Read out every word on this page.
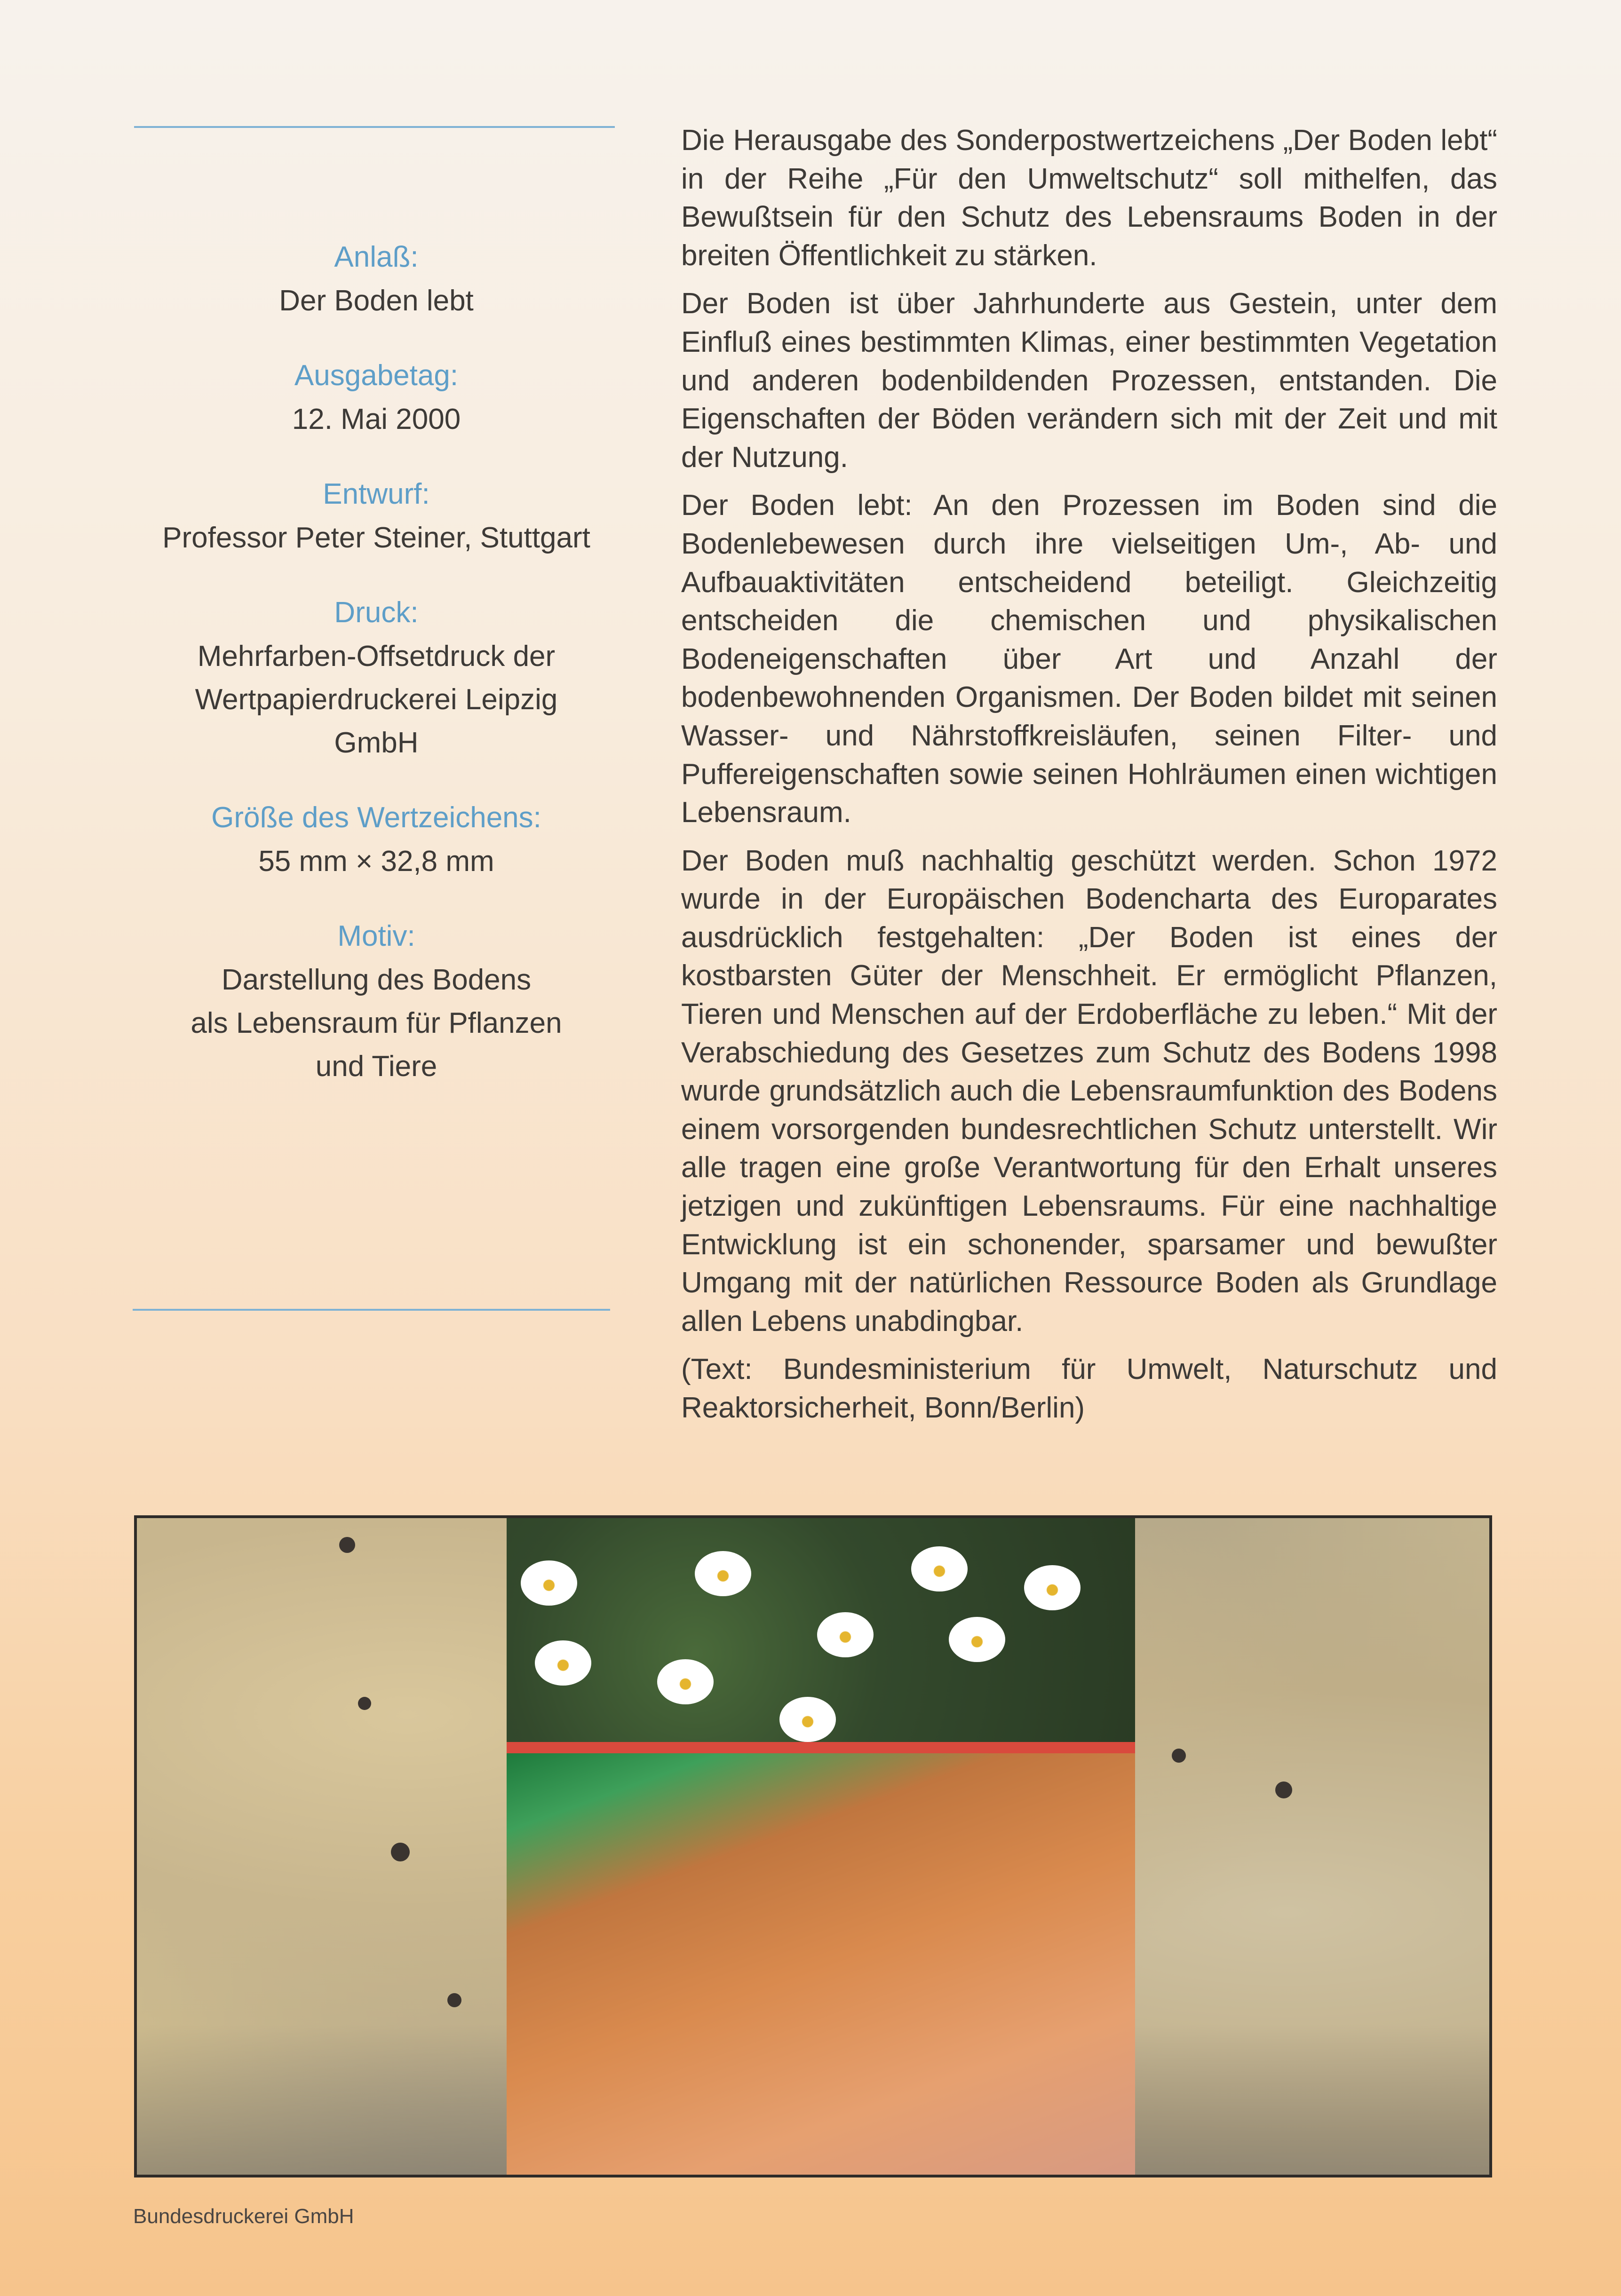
Anlaß:
Der Boden lebt
Ausgabetag:
12. Mai 2000
Entwurf:
Professor Peter Steiner, Stuttgart
Druck:
Mehrfarben-Offsetdruck der
Wertpapierdruckerei Leipzig
GmbH
Größe des Wertzeichens:
55 mm × 32,8 mm
Motiv:
Darstellung des Bodens
als Lebensraum für Pflanzen
und Tiere

Die Herausgabe des Sonderpostwertzeichens „Der Boden lebt“ in der Reihe „Für den Umweltschutz“ soll mithelfen, das Bewußtsein für den Schutz des Lebensraums Boden in der breiten Öffentlichkeit zu stärken.

Der Boden ist über Jahrhunderte aus Gestein, unter dem Einfluß eines bestimmten Klimas, einer bestimmten Vegetation und anderen bodenbildenden Prozessen, entstanden. Die Eigenschaften der Böden verändern sich mit der Zeit und mit der Nutzung.

Der Boden lebt: An den Prozessen im Boden sind die Bodenlebewesen durch ihre vielseitigen Um-, Ab- und Aufbauaktivitäten entscheidend beteiligt. Gleichzeitig entscheiden die chemischen und physikalischen Bodeneigenschaften über Art und Anzahl der bodenbewohnenden Organismen. Der Boden bildet mit seinen Wasser- und Nährstoffkreisläufen, seinen Filter- und Puffereigenschaften sowie seinen Hohlräumen einen wichtigen Lebensraum.

Der Boden muß nachhaltig geschützt werden. Schon 1972 wurde in der Europäischen Bodencharta des Europarates ausdrücklich festgehalten: „Der Boden ist eines der kostbarsten Güter der Menschheit. Er ermöglicht Pflanzen, Tieren und Menschen auf der Erdoberfläche zu leben.“ Mit der Verabschiedung des Gesetzes zum Schutz des Bodens 1998 wurde grundsätzlich auch die Lebensraumfunktion des Bodens einem vorsorgenden bundesrechtlichen Schutz unterstellt. Wir alle tragen eine große Verantwortung für den Erhalt unseres jetzigen und zukünftigen Lebensraums. Für eine nachhaltige Entwicklung ist ein schonender, sparsamer und bewußter Umgang mit der natürlichen Ressource Boden als Grundlage allen Lebens unabdingbar.

(Text: Bundesministerium für Umwelt, Naturschutz und Reaktorsicherheit, Bonn/Berlin)

Bundesdruckerei GmbH
